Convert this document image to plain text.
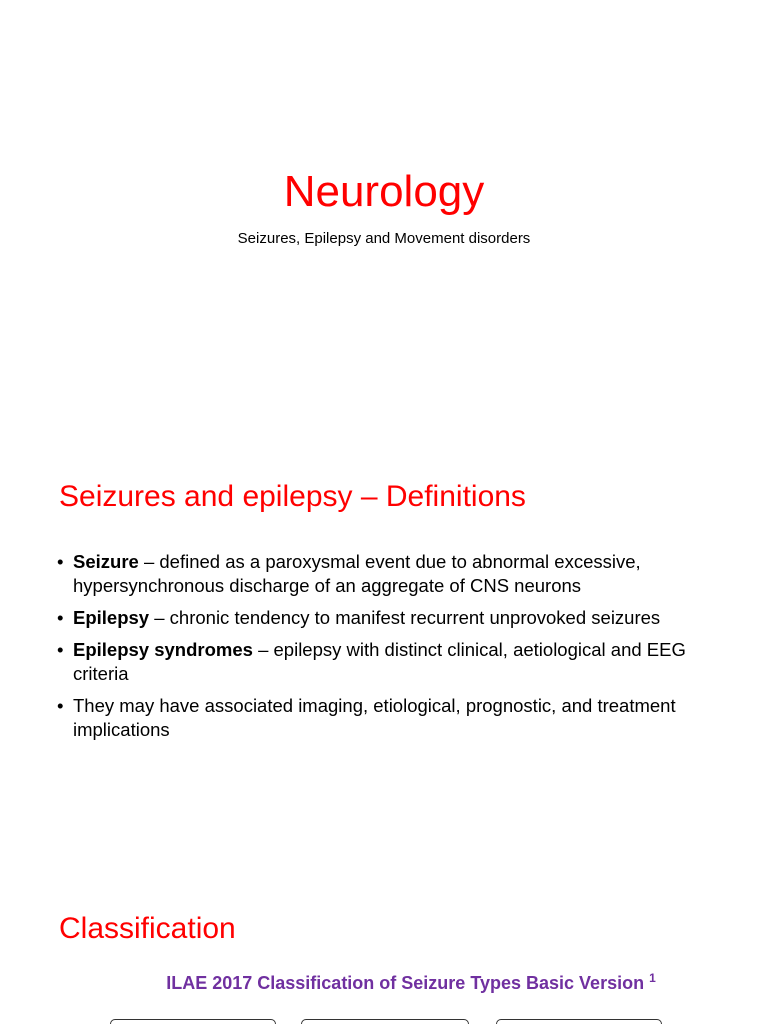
Neurology
Seizures, Epilepsy and Movement disorders
Seizures and epilepsy – Definitions
• Seizure – defined as a paroxysmal event due to abnormal excessive, hypersynchronous discharge of an aggregate of CNS neurons
• Epilepsy – chronic tendency to manifest recurrent unprovoked seizures
• Epilepsy syndromes – epilepsy with distinct clinical, aetiological and EEG criteria
• They may have associated imaging, etiological, prognostic, and treatment implications
Classification
ILAE 2017 Classification of Seizure Types Basic Version $^1$
